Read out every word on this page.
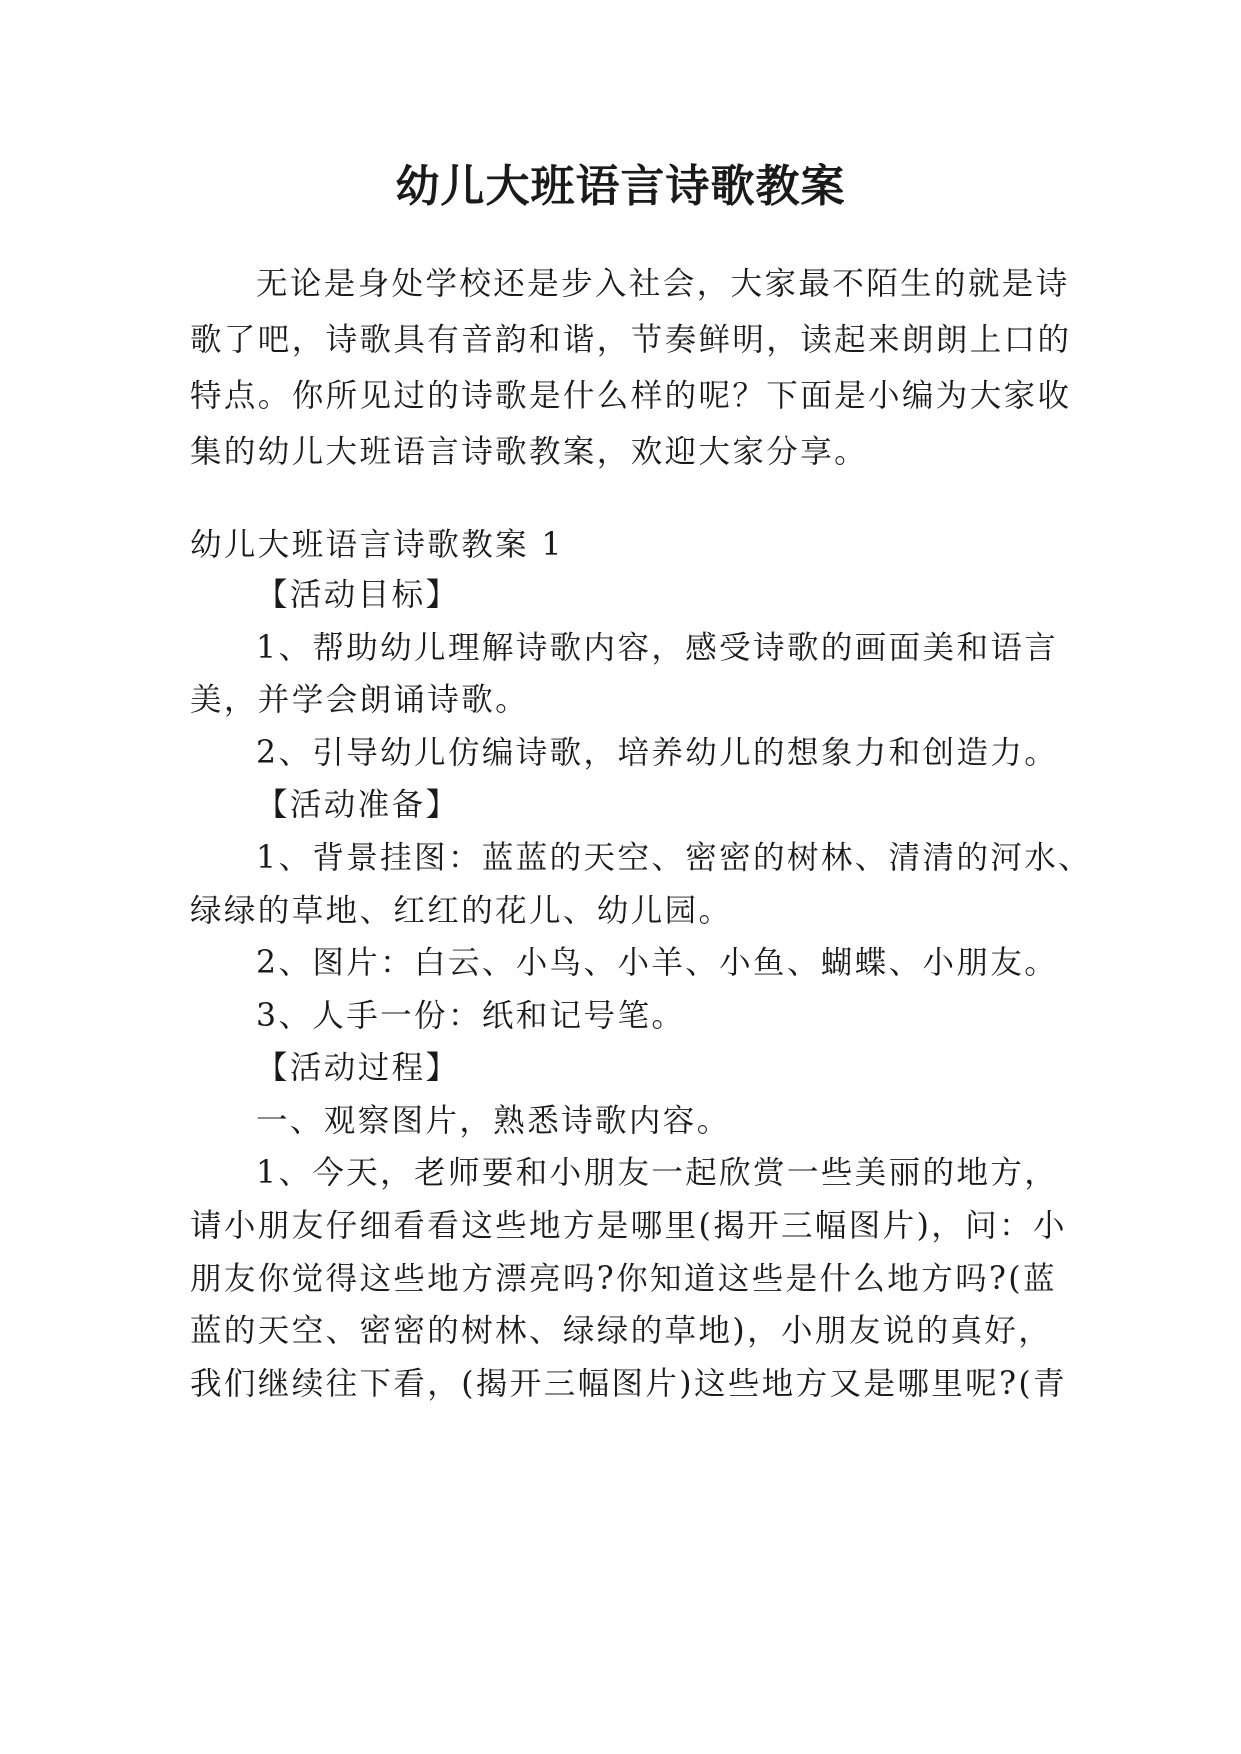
幼儿大班语言诗歌教案
无论是身处学校还是步入社会，大家最不陌生的就是诗
歌了吧，诗歌具有音韵和谐，节奏鲜明，读起来朗朗上口的
特点。你所见过的诗歌是什么样的呢？下面是小编为大家收
集的幼儿大班语言诗歌教案，欢迎大家分享。
幼儿大班语言诗歌教案 1
【活动目标】
1、帮助幼儿理解诗歌内容，感受诗歌的画面美和语言
美，并学会朗诵诗歌。
2、引导幼儿仿编诗歌，培养幼儿的想象力和创造力。
【活动准备】
1、背景挂图：蓝蓝的天空、密密的树林、清清的河水、
绿绿的草地、红红的花儿、幼儿园。
2、图片：白云、小鸟、小羊、小鱼、蝴蝶、小朋友。
3、人手一份：纸和记号笔。
【活动过程】
一、观察图片，熟悉诗歌内容。
1、今天，老师要和小朋友一起欣赏一些美丽的地方，
请小朋友仔细看看这些地方是哪里(揭开三幅图片)，问：小
朋友你觉得这些地方漂亮吗?你知道这些是什么地方吗?(蓝
蓝的天空、密密的树林、绿绿的草地)，小朋友说的真好，
我们继续往下看，(揭开三幅图片)这些地方又是哪里呢?(青
